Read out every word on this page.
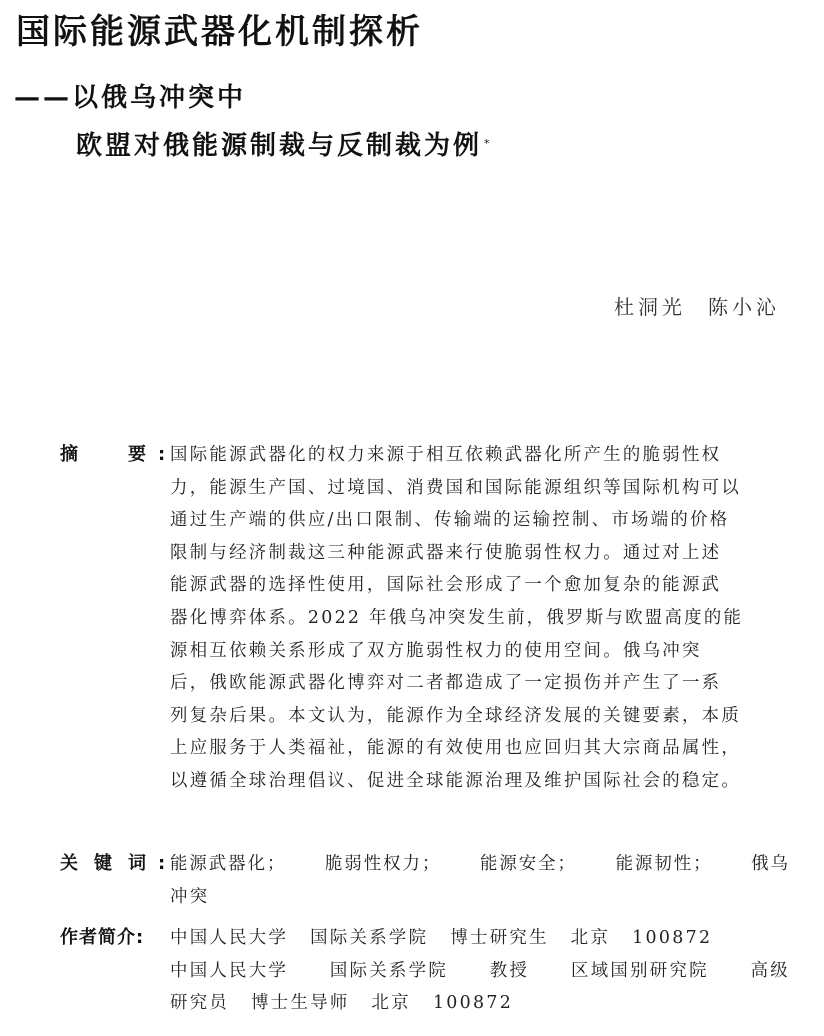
国际能源武器化机制探析
——以俄乌冲突中
欧盟对俄能源制裁与反制裁为例 *
杜洞光 陈小沁
摘	要 : 国际能源武器化的权力来源于相互依赖武器化所产生的脆弱性权
力，能源生产国、过境国、消费国和国际能源组织等国际机构可以
通过生产端的供应/出口限制、传输端的运输控制、市场端的价格
限制与经济制裁这三种能源武器来行使脆弱性权力。通过对上述
能源武器的选择性使用，国际社会形成了一个愈加复杂的能源武
器化博弈体系。2022 年俄乌冲突发生前，俄罗斯与欧盟高度的能
源相互依赖关系形成了双方脆弱性权力的使用空间。俄乌冲突
后，俄欧能源武器化博弈对二者都造成了一定损伤并产生了一系
列复杂后果。本文认为，能源作为全球经济发展的关键要素，本质
上应服务于人类福祉，能源的有效使用也应回归其大宗商品属性，
以遵循全球治理倡议、促进全球能源治理及维护国际社会的稳定。
关 键 词 : 能源武器化； 脆弱性权力； 能源安全； 能源韧性； 俄乌
冲突
作者简介:	中国人民大学 国际关系学院 博士研究生 北京 100872
中国人民大学 国际关系学院 教授 区域国别研究院 高级
研究员 博士生导师 北京 100872
